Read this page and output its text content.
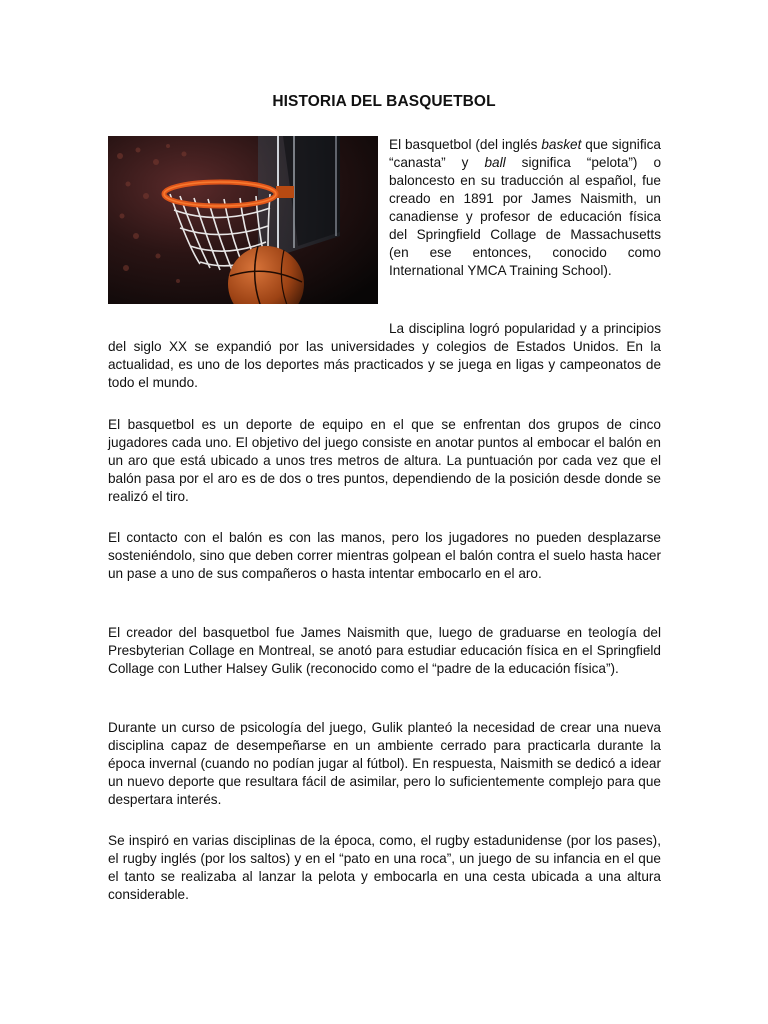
HISTORIA DEL BASQUETBOL

El basquetbol (del inglés basket que significa “canasta” y ball significa “pelota”) o baloncesto en su traducción al español, fue creado en 1891 por James Naismith, un canadiense y profesor de educación física del Springfield Collage de Massachusetts (en ese entonces, conocido como International YMCA Training School).

La disciplina logró popularidad y a principios del siglo XX se expandió por las universidades y colegios de Estados Unidos. En la actualidad, es uno de los deportes más practicados y se juega en ligas y campeonatos de todo el mundo.
El basquetbol es un deporte de equipo en el que se enfrentan dos grupos de cinco jugadores cada uno. El objetivo del juego consiste en anotar puntos al embocar el balón en un aro que está ubicado a unos tres metros de altura. La puntuación por cada vez que el balón pasa por el aro es de dos o tres puntos, dependiendo de la posición desde donde se realizó el tiro.
El contacto con el balón es con las manos, pero los jugadores no pueden desplazarse sosteniéndolo, sino que deben correr mientras golpean el balón contra el suelo hasta hacer un pase a uno de sus compañeros o hasta intentar embocarlo en el aro.
El creador del basquetbol fue James Naismith que, luego de graduarse en teología del Presbyterian Collage en Montreal, se anotó para estudiar educación física en el Springfield Collage con Luther Halsey Gulik (reconocido como el “padre de la educación física”).
Durante un curso de psicología del juego, Gulik planteó la necesidad de crear una nueva disciplina capaz de desempeñarse en un ambiente cerrado para practicarla durante la época invernal (cuando no podían jugar al fútbol). En respuesta, Naismith se dedicó a idear un nuevo deporte que resultara fácil de asimilar, pero lo suficientemente complejo para que despertara interés.
Se inspiró en varias disciplinas de la época, como, el rugby estadunidense (por los pases), el rugby inglés (por los saltos) y en el “pato en una roca”, un juego de su infancia en el que el tanto se realizaba al lanzar la pelota y embocarla en una cesta ubicada a una altura considerable.
